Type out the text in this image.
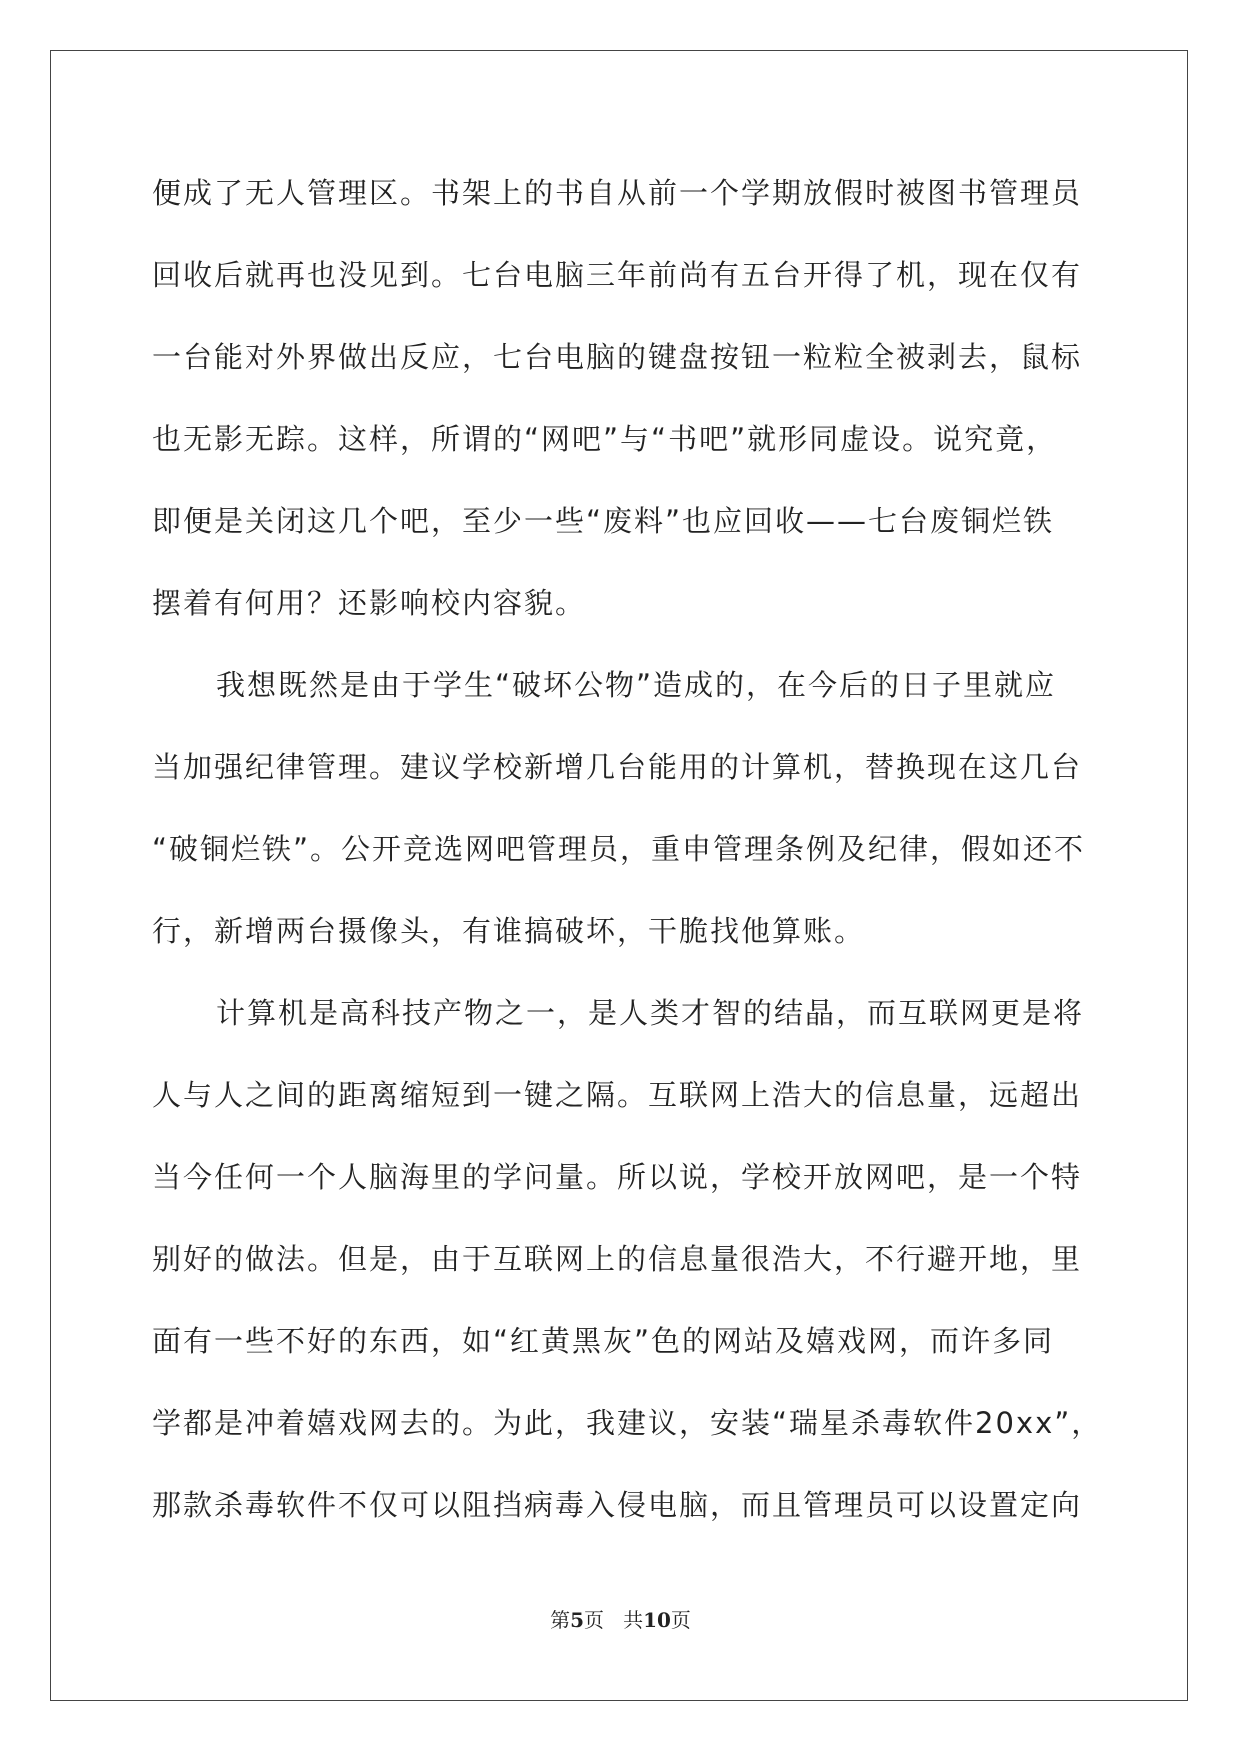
便成了无人管理区。书架上的书自从前一个学期放假时被图书管理员
回收后就再也没见到。七台电脑三年前尚有五台开得了机，现在仅有
一台能对外界做出反应，七台电脑的键盘按钮一粒粒全被剥去，鼠标
也无影无踪。这样，所谓的“网吧”与“书吧”就形同虚设。说究竟，
即便是关闭这几个吧，至少一些“废料”也应回收——七台废铜烂铁
摆着有何用？还影响校内容貌。
我想既然是由于学生“破坏公物”造成的，在今后的日子里就应
当加强纪律管理。建议学校新增几台能用的计算机，替换现在这几台
“破铜烂铁”。公开竞选网吧管理员，重申管理条例及纪律，假如还不
行，新增两台摄像头，有谁搞破坏，干脆找他算账。
计算机是高科技产物之一，是人类才智的结晶，而互联网更是将
人与人之间的距离缩短到一键之隔。互联网上浩大的信息量，远超出
当今任何一个人脑海里的学问量。所以说，学校开放网吧，是一个特
别好的做法。但是，由于互联网上的信息量很浩大，不行避开地，里
面有一些不好的东西，如“红黄黑灰”色的网站及嬉戏网，而许多同
学都是冲着嬉戏网去的。为此，我建议，安装“瑞星杀毒软件20xx”，
那款杀毒软件不仅可以阻挡病毒入侵电脑，而且管理员可以设置定向
第5页 共10页
